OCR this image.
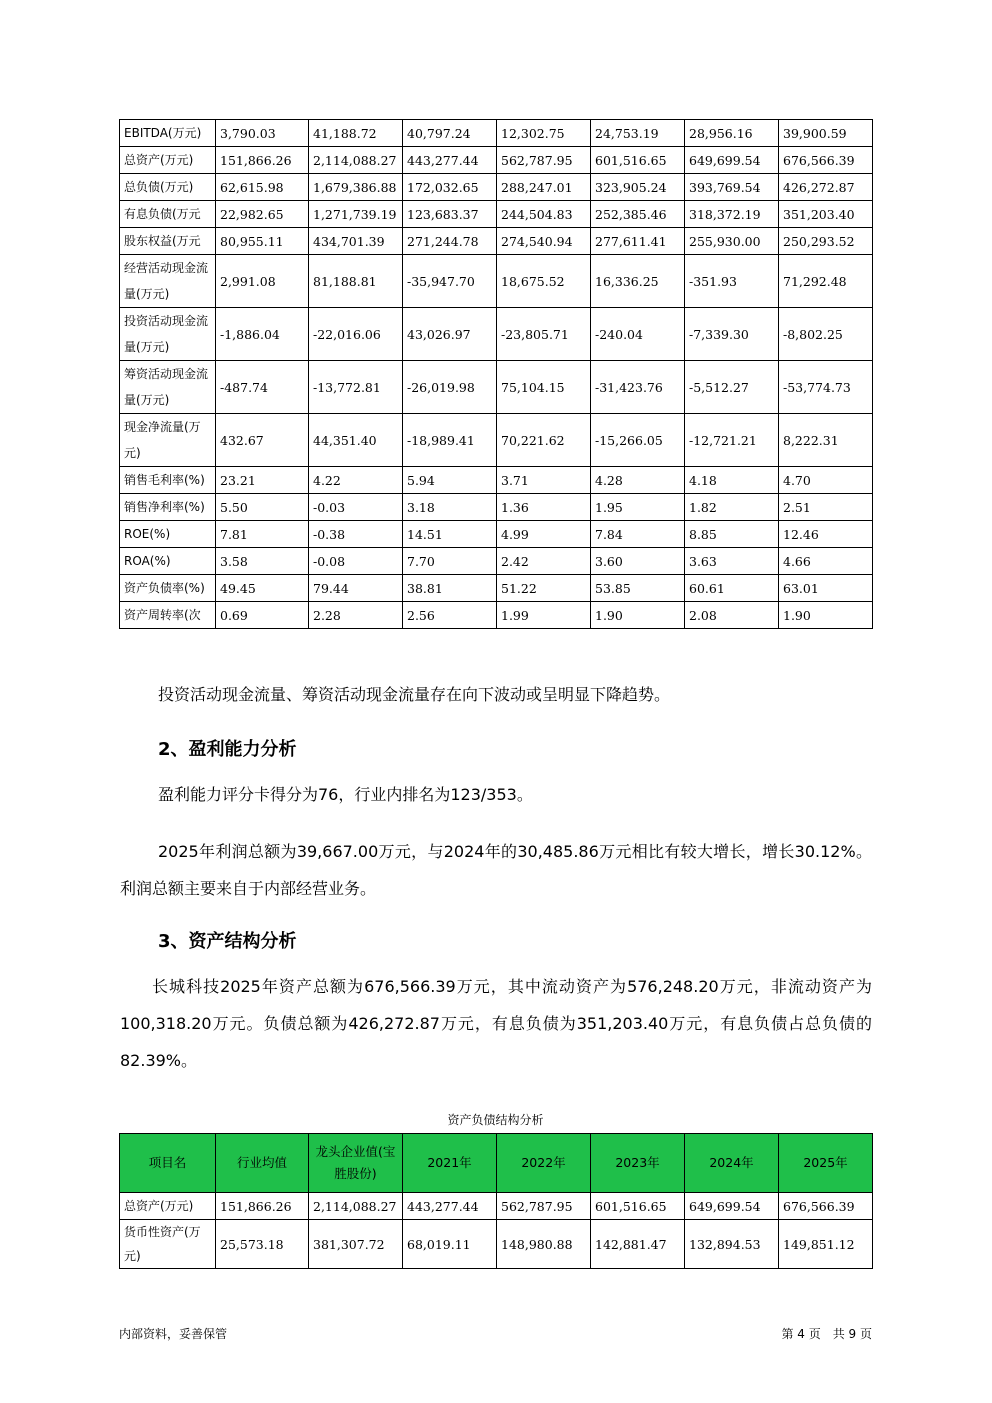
EBITDA(万元)	3,790.03	41,188.72	40,797.24	12,302.75	24,753.19	28,956.16	39,900.59
总资产(万元)	151,866.26	2,114,088.27	443,277.44	562,787.95	601,516.65	649,699.54	676,566.39
总负债(万元)	62,615.98	1,679,386.88	172,032.65	288,247.01	323,905.24	393,769.54	426,272.87
有息负债(万元	22,982.65	1,271,739.19	123,683.37	244,504.83	252,385.46	318,372.19	351,203.40
股东权益(万元	80,955.11	434,701.39	271,244.78	274,540.94	277,611.41	255,930.00	250,293.52
经营活动现金流量(万元)	2,991.08	81,188.81	-35,947.70	18,675.52	16,336.25	-351.93	71,292.48
投资活动现金流量(万元)	-1,886.04	-22,016.06	43,026.97	-23,805.71	-240.04	-7,339.30	-8,802.25
筹资活动现金流量(万元)	-487.74	-13,772.81	-26,019.98	75,104.15	-31,423.76	-5,512.27	-53,774.73
现金净流量(万元)	432.67	44,351.40	-18,989.41	70,221.62	-15,266.05	-12,721.21	8,222.31
销售毛利率(%)	23.21	4.22	5.94	3.71	4.28	4.18	4.70
销售净利率(%)	5.50	-0.03	3.18	1.36	1.95	1.82	2.51
ROE(%)	7.81	-0.38	14.51	4.99	7.84	8.85	12.46
ROA(%)	3.58	-0.08	7.70	2.42	3.60	3.63	4.66
资产负债率(%)	49.45	79.44	38.81	51.22	53.85	60.61	63.01
资产周转率(次	0.69	2.28	2.56	1.99	1.90	2.08	1.90

投资活动现金流量、筹资活动现金流量存在向下波动或呈明显下降趋势。

2、盈利能力分析

盈利能力评分卡得分为76，行业内排名为123/353。

2025年利润总额为39,667.00万元，与2024年的30,485.86万元相比有较大增长，增长30.12%。利润总额主要来自于内部经营业务。

3、资产结构分析

长城科技2025年资产总额为676,566.39万元，其中流动资产为576,248.20万元，非流动资产为100,318.20万元。负债总额为426,272.87万元，有息负债为351,203.40万元，有息负债占总负债的82.39%。

资产负债结构分析
项目名	行业均值	龙头企业值(宝胜股份)	2021年	2022年	2023年	2024年	2025年
总资产(万元)	151,866.26	2,114,088.27	443,277.44	562,787.95	601,516.65	649,699.54	676,566.39
货币性资产(万元)	25,573.18	381,307.72	68,019.11	148,980.88	142,881.47	132,894.53	149,851.12
内部资料，妥善保管	第 4 页　共 9 页
